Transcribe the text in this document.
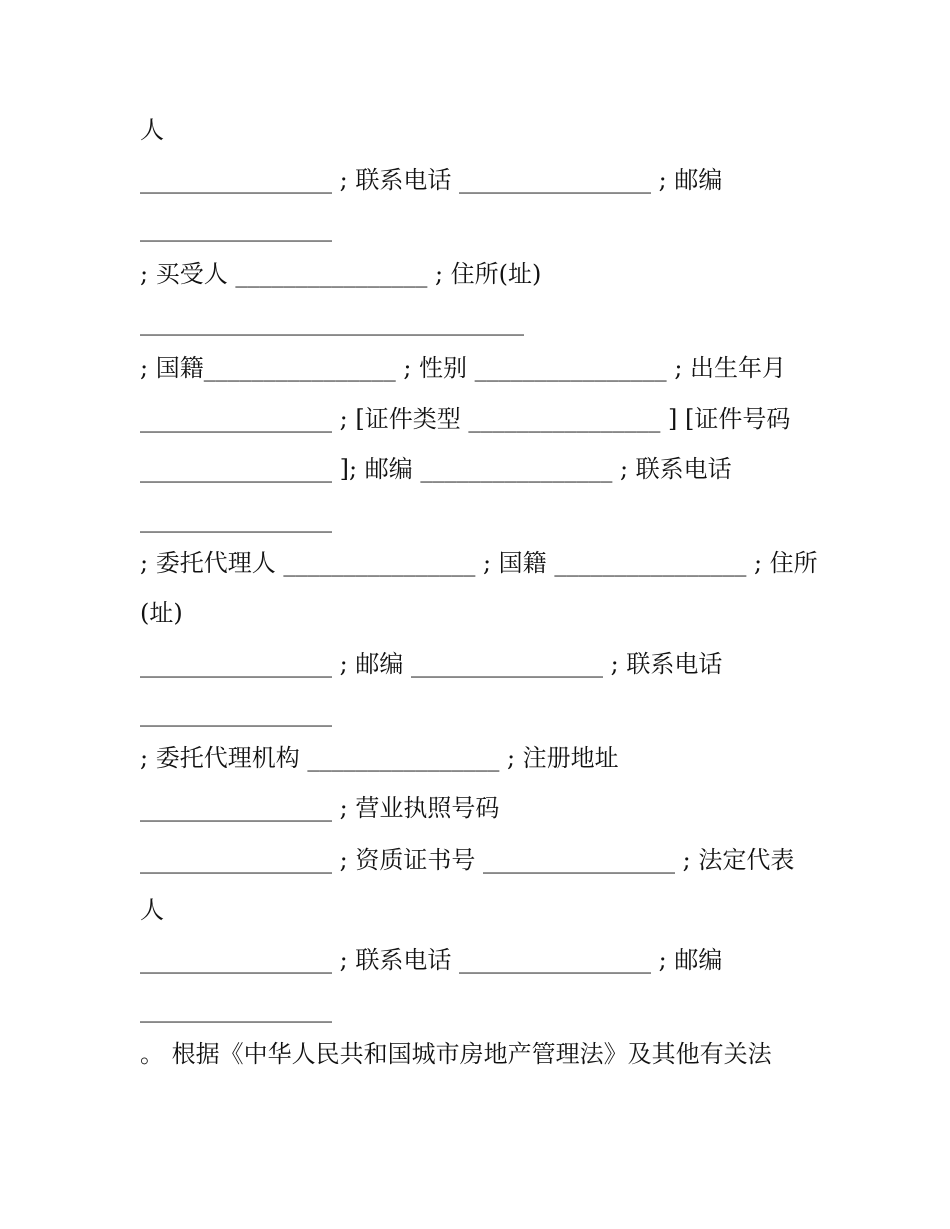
人
________________ ; 联系电话 ________________ ; 邮编
________________
; 买受人 ________________ ; 住所(址)
________________________________
; 国籍________________ ; 性别 ________________ ; 出生年月
________________ ; [证件类型 ________________ ] [证件号码
________________ ]; 邮编 ________________ ; 联系电话
________________
; 委托代理人 ________________ ; 国籍 ________________ ; 住所
(址)
________________ ; 邮编 ________________ ; 联系电话
________________
; 委托代理机构 ________________ ; 注册地址
________________ ; 营业执照号码
________________ ; 资质证书号 ________________ ; 法定代表
人
________________ ; 联系电话 ________________ ; 邮编
________________
。 根据《中华人民共和国城市房地产管理法》及其他有关法
